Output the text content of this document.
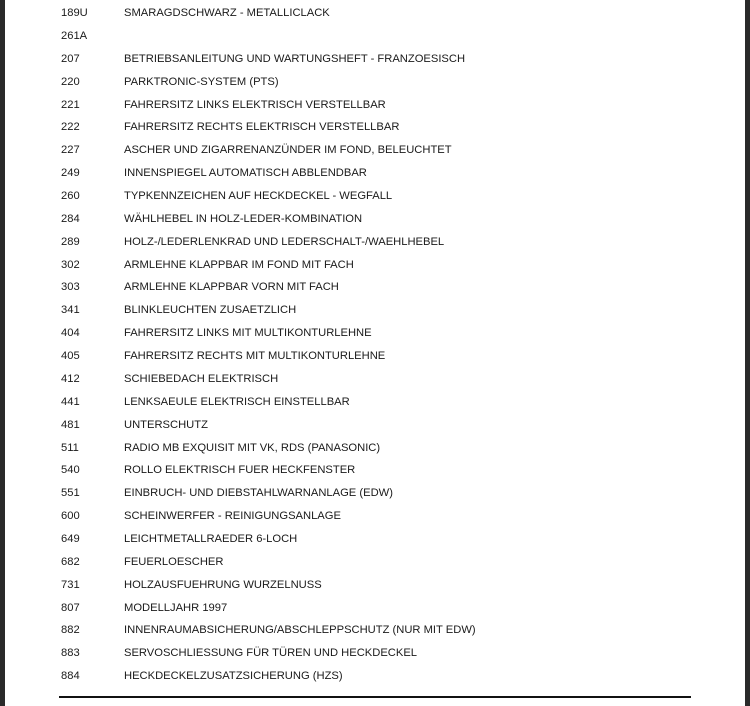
189U	SMARAGDSCHWARZ - METALLICLACK
261A
207	BETRIEBSANLEITUNG UND WARTUNGSHEFT - FRANZOESISCH
220	PARKTRONIC-SYSTEM (PTS)
221	FAHRERSITZ LINKS ELEKTRISCH VERSTELLBAR
222	FAHRERSITZ RECHTS ELEKTRISCH VERSTELLBAR
227	ASCHER UND ZIGARRENANZÜNDER IM FOND, BELEUCHTET
249	INNENSPIEGEL AUTOMATISCH ABBLENDBAR
260	TYPKENNZEICHEN AUF HECKDECKEL - WEGFALL
284	WÄHLHEBEL IN HOLZ-LEDER-KOMBINATION
289	HOLZ-/LEDERLENKRAD UND LEDERSCHALT-/WAEHLHEBEL
302	ARMLEHNE KLAPPBAR IM FOND MIT FACH
303	ARMLEHNE KLAPPBAR VORN MIT FACH
341	BLINKLEUCHTEN ZUSAETZLICH
404	FAHRERSITZ LINKS MIT MULTIKONTURLEHNE
405	FAHRERSITZ RECHTS MIT MULTIKONTURLEHNE
412	SCHIEBEDACH ELEKTRISCH
441	LENKSAEULE ELEKTRISCH EINSTELLBAR
481	UNTERSCHUTZ
511	RADIO MB EXQUISIT MIT VK, RDS (PANASONIC)
540	ROLLO ELEKTRISCH FUER HECKFENSTER
551	EINBRUCH- UND DIEBSTAHLWARNANLAGE (EDW)
600	SCHEINWERFER - REINIGUNGSANLAGE
649	LEICHTMETALLRAEDER 6-LOCH
682	FEUERLOESCHER
731	HOLZAUSFUEHRUNG WURZELNUSS
807	MODELLJAHR 1997
882	INNENRAUMABSICHERUNG/ABSCHLEPPSCHUTZ (NUR MIT EDW)
883	SERVOSCHLIESSUNG FÜR TÜREN UND HECKDECKEL
884	HECKDECKELZUSATZSICHERUNG (HZS)
